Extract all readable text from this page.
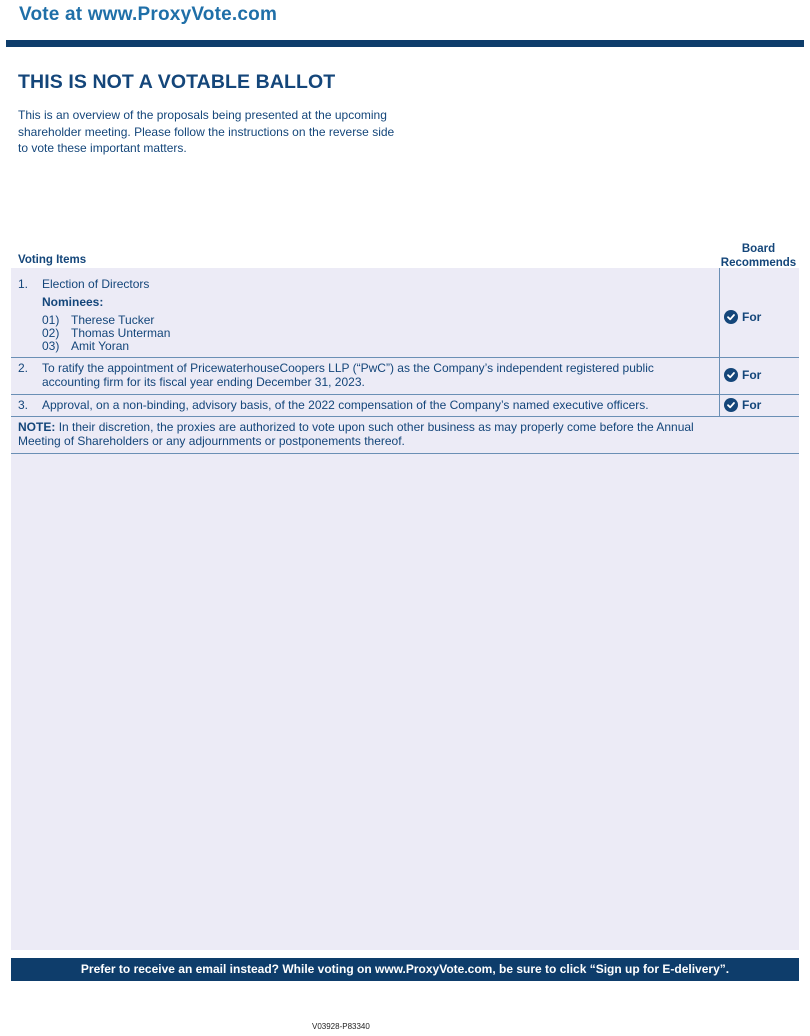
Vote at www.ProxyVote.com
THIS IS NOT A VOTABLE BALLOT
This is an overview of the proposals being presented at the upcoming shareholder meeting. Please follow the instructions on the reverse side to vote these important matters.
Voting Items
Board
Recommends
1. Election of Directors
Nominees:
01) Therese Tucker
02) Thomas Unterman
03) Amit Yoran
For
2. To ratify the appointment of PricewaterhouseCoopers LLP (“PwC”) as the Company’s independent registered public
accounting firm for its fiscal year ending December 31, 2023.	For
3. Approval, on a non-binding, advisory basis, of the 2022 compensation of the Company’s named executive officers.	For
NOTE: In their discretion, the proxies are authorized to vote upon such other business as may properly come before the Annual Meeting of Shareholders or any adjournments or postponements thereof.
Prefer to receive an email instead? While voting on www.ProxyVote.com, be sure to click “Sign up for E-delivery”.
V03928-P83340
